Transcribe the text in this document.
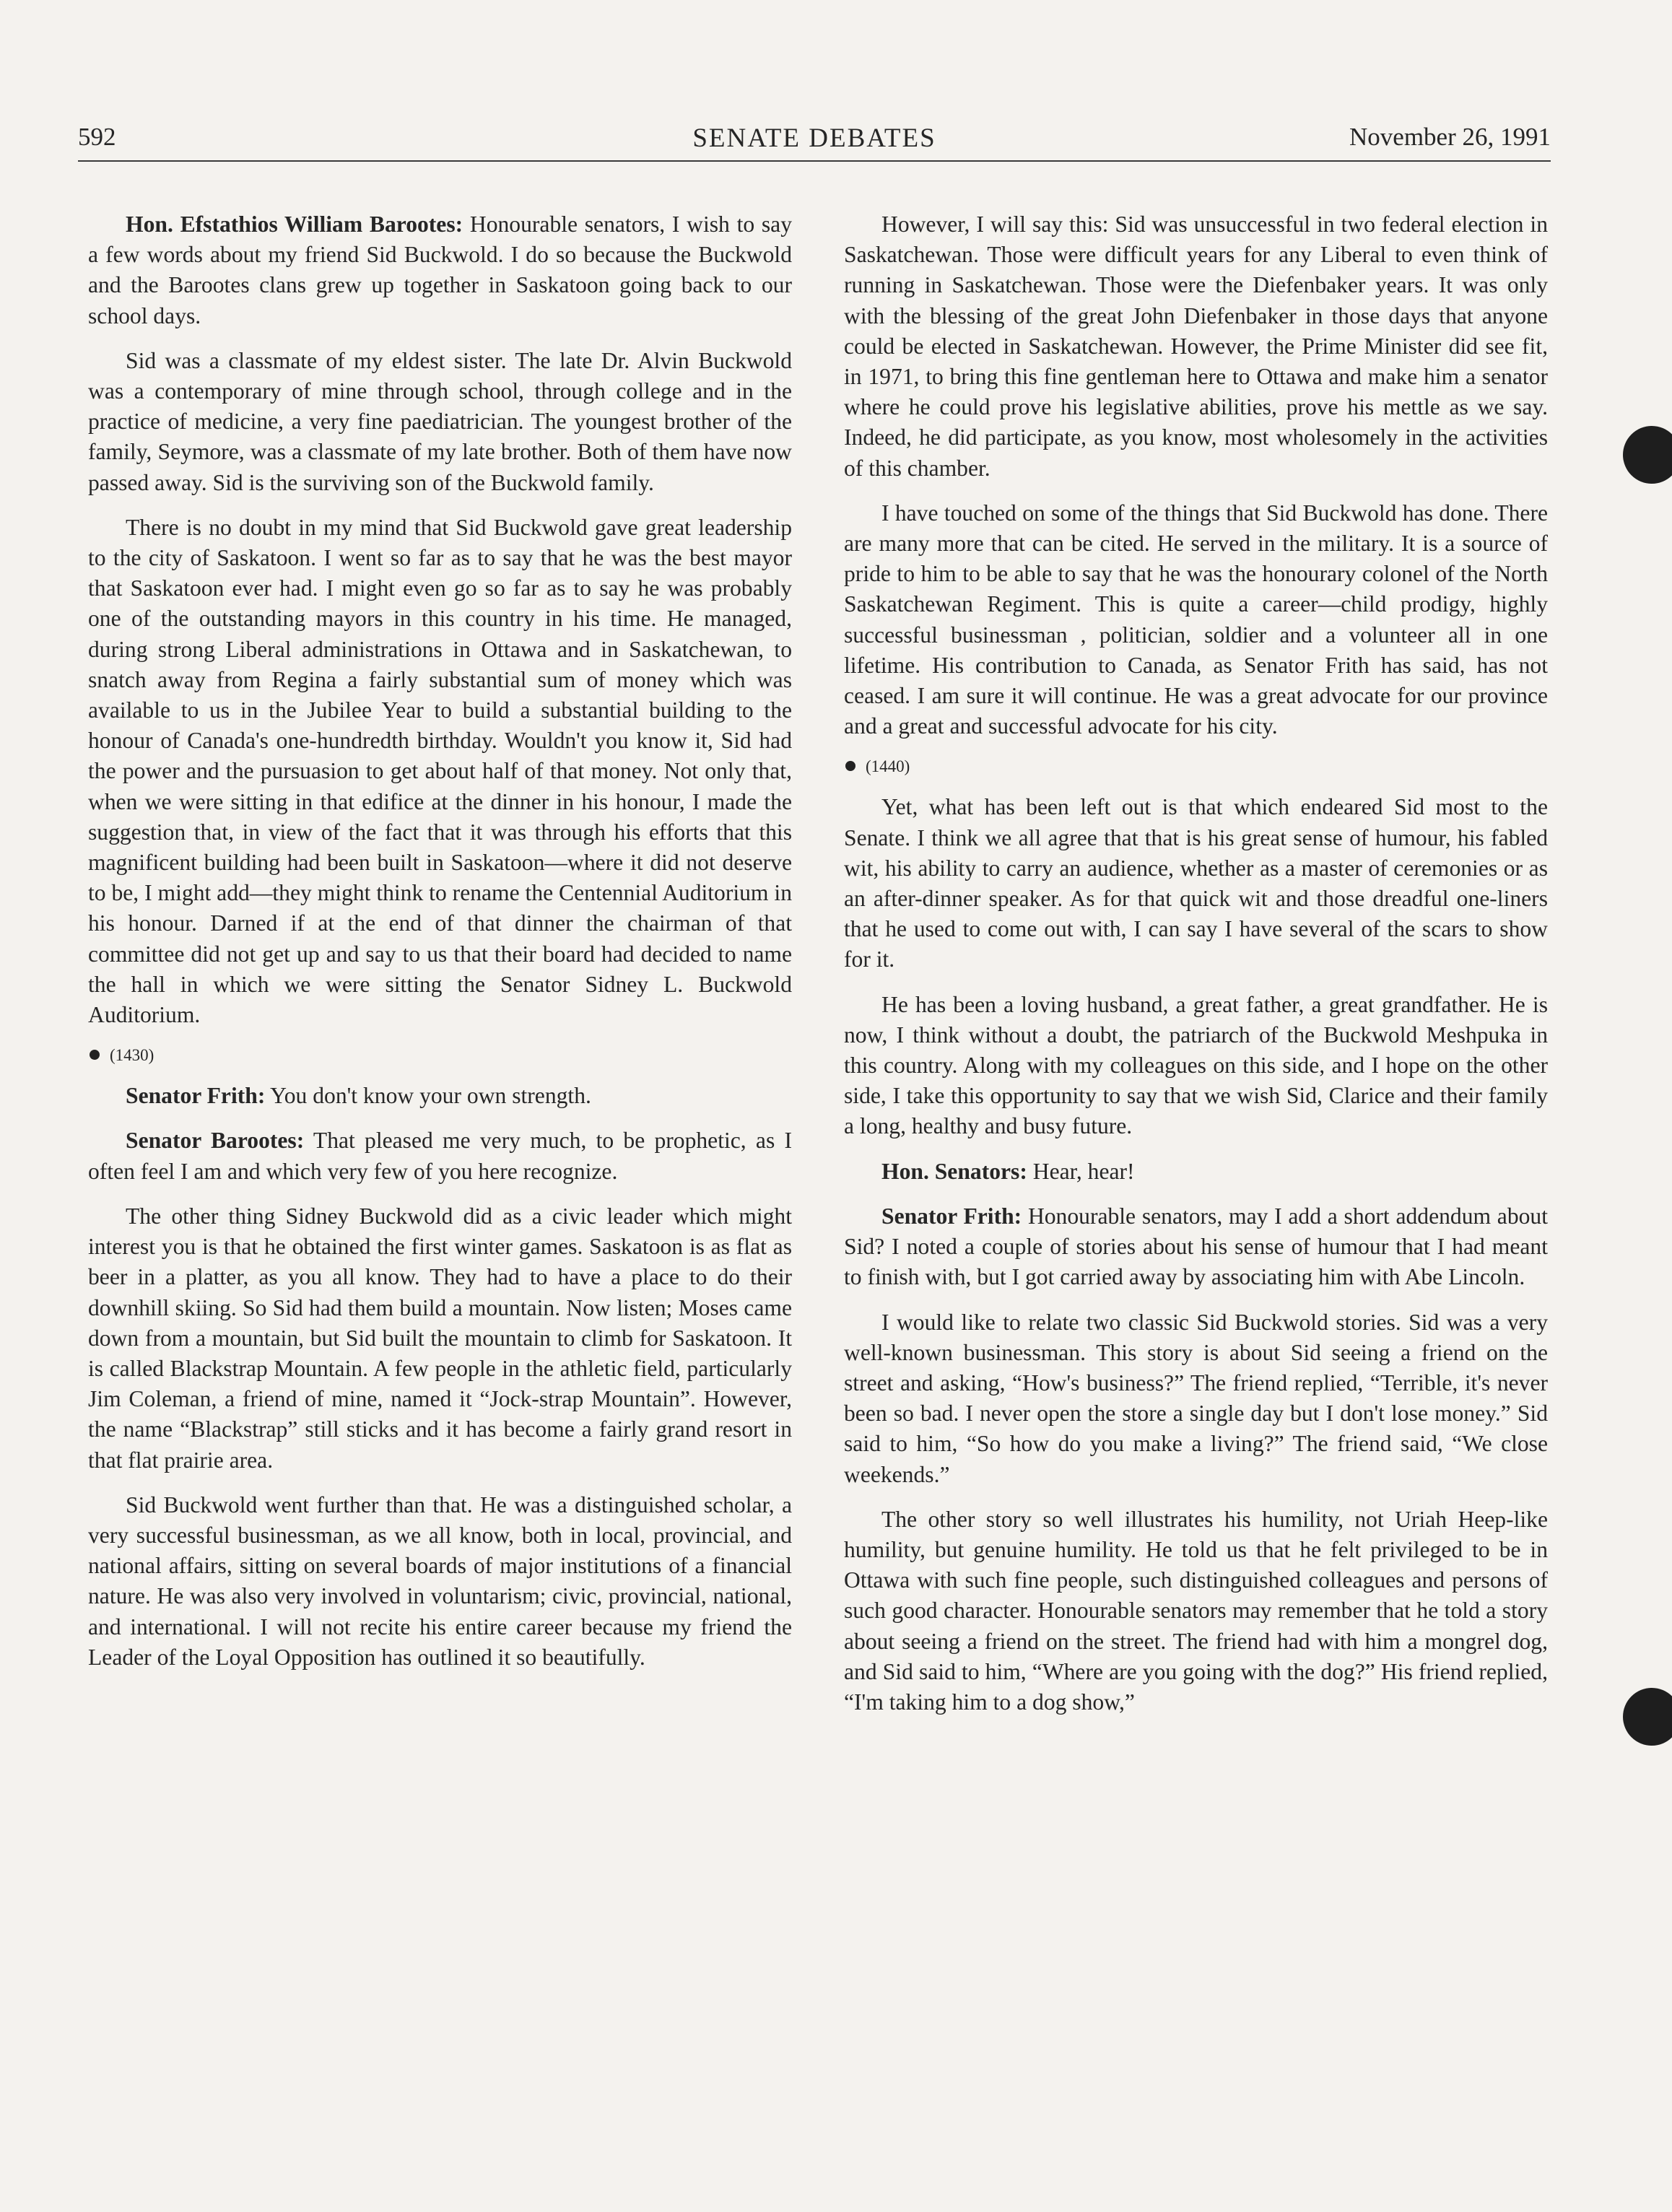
592	SENATE DEBATES	November 26, 1991

Hon. Efstathios William Barootes: Honourable senators, I wish to say a few words about my friend Sid Buckwold. I do so because the Buckwold and the Barootes clans grew up together in Saskatoon going back to our school days.

Sid was a classmate of my eldest sister. The late Dr. Alvin Buckwold was a contemporary of mine through school, through college and in the practice of medicine, a very fine paediatrician. The youngest brother of the family, Seymore, was a classmate of my late brother. Both of them have now passed away. Sid is the surviving son of the Buckwold family.

There is no doubt in my mind that Sid Buckwold gave great leadership to the city of Saskatoon. I went so far as to say that he was the best mayor that Saskatoon ever had. I might even go so far as to say he was probably one of the outstanding mayors in this country in his time. He managed, during strong Liberal administrations in Ottawa and in Saskatchewan, to snatch away from Regina a fairly substantial sum of money which was available to us in the Jubilee Year to build a substantial building to the honour of Canada's one-hundredth birthday. Wouldn't you know it, Sid had the power and the pursuasion to get about half of that money. Not only that, when we were sitting in that edifice at the dinner in his honour, I made the suggestion that, in view of the fact that it was through his efforts that this magnificent building had been built in Saskatoon—where it did not deserve to be, I might add—they might think to rename the Centennial Auditorium in his honour. Darned if at the end of that dinner the chairman of that committee did not get up and say to us that their board had decided to name the hall in which we were sitting the Senator Sidney L. Buckwold Auditorium.

(1430)

Senator Frith: You don't know your own strength.

Senator Barootes: That pleased me very much, to be prophetic, as I often feel I am and which very few of you here recognize.

The other thing Sidney Buckwold did as a civic leader which might interest you is that he obtained the first winter games. Saskatoon is as flat as beer in a platter, as you all know. They had to have a place to do their downhill skiing. So Sid had them build a mountain. Now listen; Moses came down from a mountain, but Sid built the mountain to climb for Saskatoon. It is called Blackstrap Mountain. A few people in the athletic field, particularly Jim Coleman, a friend of mine, named it “Jock-strap Mountain”. However, the name “Blackstrap” still sticks and it has become a fairly grand resort in that flat prairie area.

Sid Buckwold went further than that. He was a distinguished scholar, a very successful businessman, as we all know, both in local, provincial, and national affairs, sitting on several boards of major institutions of a financial nature. He was also very involved in voluntarism; civic, provincial, national, and international. I will not recite his entire career because my friend the Leader of the Loyal Opposition has outlined it so beautifully.

However, I will say this: Sid was unsuccessful in two federal election in Saskatchewan. Those were difficult years for any Liberal to even think of running in Saskatchewan. Those were the Diefenbaker years. It was only with the blessing of the great John Diefenbaker in those days that anyone could be elected in Saskatchewan. However, the Prime Minister did see fit, in 1971, to bring this fine gentleman here to Ottawa and make him a senator where he could prove his legislative abilities, prove his mettle as we say. Indeed, he did participate, as you know, most wholesomely in the activities of this chamber.

I have touched on some of the things that Sid Buckwold has done. There are many more that can be cited. He served in the military. It is a source of pride to him to be able to say that he was the honourary colonel of the North Saskatchewan Regiment. This is quite a career—child prodigy, highly successful businessman , politician, soldier and a volunteer all in one lifetime. His contribution to Canada, as Senator Frith has said, has not ceased. I am sure it will continue. He was a great advocate for our province and a great and successful advocate for his city.

(1440)

Yet, what has been left out is that which endeared Sid most to the Senate. I think we all agree that that is his great sense of humour, his fabled wit, his ability to carry an audience, whether as a master of ceremonies or as an after-dinner speaker. As for that quick wit and those dreadful one-liners that he used to come out with, I can say I have several of the scars to show for it.

He has been a loving husband, a great father, a great grandfather. He is now, I think without a doubt, the patriarch of the Buckwold Meshpuka in this country. Along with my colleagues on this side, and I hope on the other side, I take this opportunity to say that we wish Sid, Clarice and their family a long, healthy and busy future.

Hon. Senators: Hear, hear!

Senator Frith: Honourable senators, may I add a short addendum about Sid? I noted a couple of stories about his sense of humour that I had meant to finish with, but I got carried away by associating him with Abe Lincoln.

I would like to relate two classic Sid Buckwold stories. Sid was a very well-known businessman. This story is about Sid seeing a friend on the street and asking, “How's business?” The friend replied, “Terrible, it's never been so bad. I never open the store a single day but I don't lose money.” Sid said to him, “So how do you make a living?” The friend said, “We close weekends.”

The other story so well illustrates his humility, not Uriah Heep-like humility, but genuine humility. He told us that he felt privileged to be in Ottawa with such fine people, such distinguished colleagues and persons of such good character. Honourable senators may remember that he told a story about seeing a friend on the street. The friend had with him a mongrel dog, and Sid said to him, “Where are you going with the dog?” His friend replied, “I'm taking him to a dog show,”
